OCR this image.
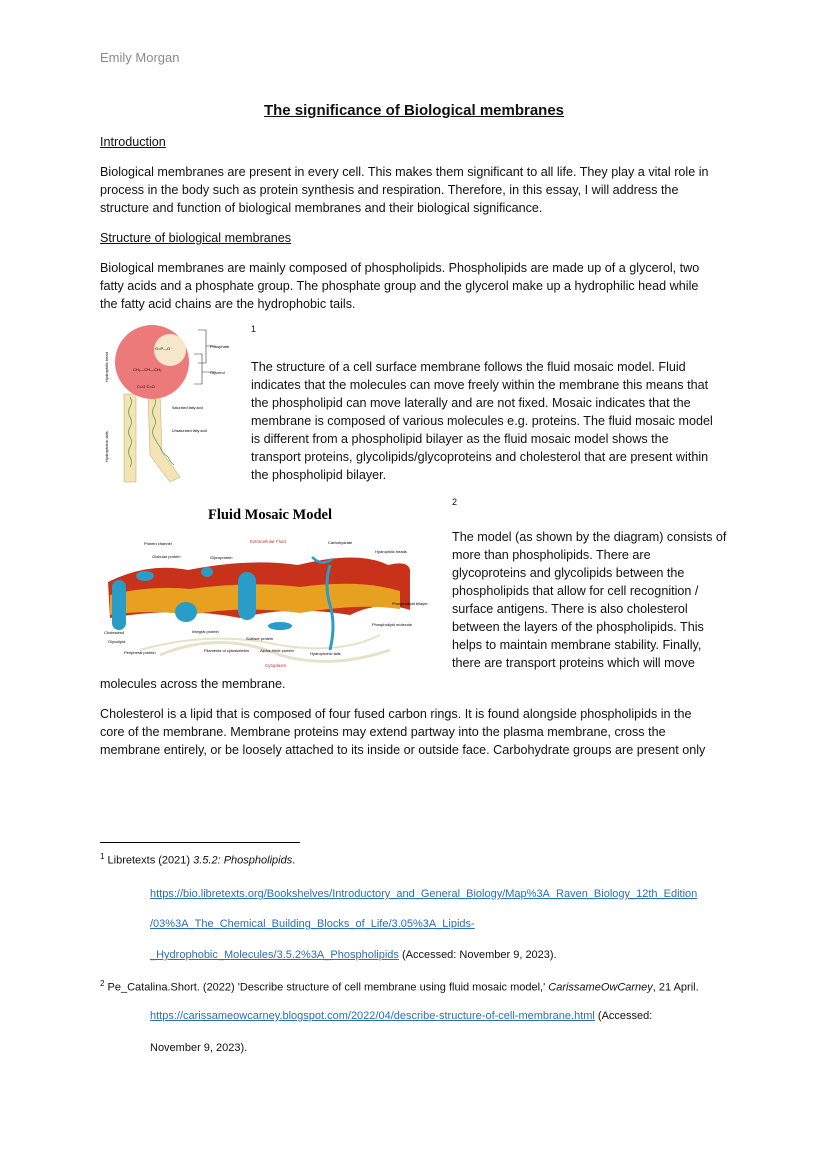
Emily Morgan
The significance of Biological membranes
Introduction
Biological membranes are present in every cell. This makes them significant to all life. They play a vital role in
process in the body such as protein synthesis and respiration. Therefore, in this essay, I will address the
structure and function of biological membranes and their biological significance.
Structure of biological membranes
Biological membranes are mainly composed of phospholipids. Phospholipids are made up of a glycerol, two
fatty acids and a phosphate group. The phosphate group and the glycerol make up a hydrophilic head while
the fatty acid chains are the hydrophobic tails.
O=P—O⁻
CH₂—CH—CH₂
C=O C=O
Phosphate
Glycerol
Saturated fatty acid
Unsaturated fatty acid
Hydrophilic head
Hydrophobic tails
1
The structure of a cell surface membrane follows the fluid mosaic model. Fluid
indicates that the molecules can move freely within the membrane this means that
the phospholipid can move laterally and are not fixed. Mosaic indicates that the
membrane is composed of various molecules e.g. proteins. The fluid mosaic model
is different from a phospholipid bilayer as the fluid mosaic model shows the
transport proteins, glycolipids/glycoproteins and cholesterol that are present within
the phospholipid bilayer.
Fluid Mosaic Model
Extracellular Fluid
Cytoplasm
Protein channel
Globular protein	Glycoprotein
Carbohydrate
Hydrophilic heads
Phospholipid bilayer
Phospholipid molecule
Cholesterol
Glycolipid
Peripheral protein
Integral protein
Surface protein
Filaments of cytoskeleton	Alpha-Helix protein
Hydrophobic tails
2
The model (as shown by the diagram) consists of
more than phospholipids. There are
glycoproteins and glycolipids between the
phospholipids that allow for cell recognition /
surface antigens. There is also cholesterol
between the layers of the phospholipids. This
helps to maintain membrane stability. Finally,
there are transport proteins which will move
molecules across the membrane.
Cholesterol is a lipid that is composed of four fused carbon rings. It is found alongside phospholipids in the
core of the membrane. Membrane proteins may extend partway into the plasma membrane, cross the
membrane entirely, or be loosely attached to its inside or outside face. Carbohydrate groups are present only
$^1$ Libretexts (2021) 3.5.2: Phospholipids.
https://bio.libretexts.org/Bookshelves/Introductory_and_General_Biology/Map%3A_Raven_Biology_12th_Edition
/03%3A_The_Chemical_Building_Blocks_of_Life/3.05%3A_Lipids-
_Hydrophobic_Molecules/3.5.2%3A_Phospholipids (Accessed: November 9, 2023).
$^2$ Pe_Catalina.Short. (2022) 'Describe structure of cell membrane using fluid mosaic model,' CarissameOwCarney, 21 April.
https://carissameowcarney.blogspot.com/2022/04/describe-structure-of-cell-membrane.html (Accessed:
November 9, 2023).
